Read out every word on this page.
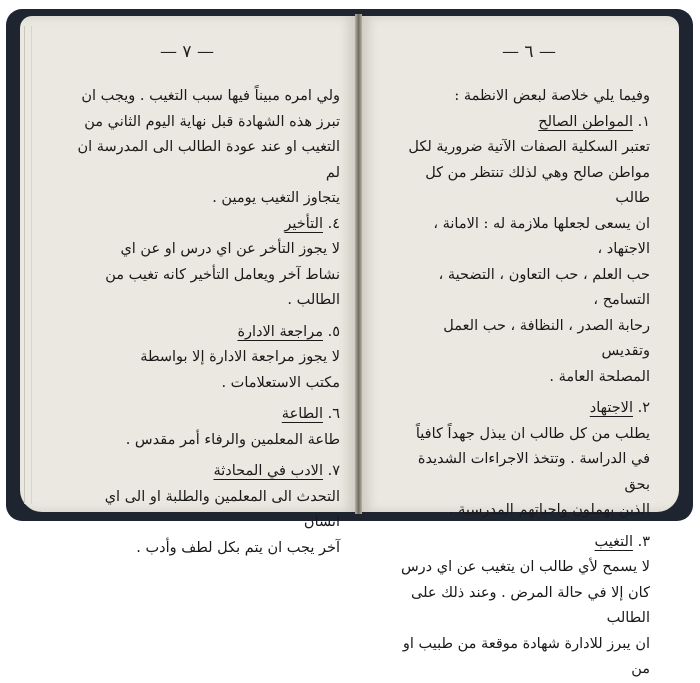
— ٧ —	— ٦ —

ولي امره مبيناً فيها سبب التغيب . ويجب ان

تبرز هذه الشهادة قبل نهاية اليوم الثاني من

التغيب او عند عودة الطالب الى المدرسة ان لم

يتجاوز التغيب يومين .

٤. التأخير

لا يجوز التأخر عن اي درس او عن اي

نشاط آخر ويعامل التأخير كانه تغيب من الطالب .

٥. مراجعة الادارة

لا يجوز مراجعة الادارة إلا بواسطة

مكتب الاستعلامات .

٦. الطاعة

طاعة المعلمين والرفاء أمر مقدس .

٧. الادب في المحادثة

التحدث الى المعلمين والطلبة او الى اي انسان

آخر يجب ان يتم بكل لطف وأدب .

وفيما يلي خلاصة لبعض الانظمة :

١. المواطن الصالح

تعتبر السكلية الصفات الآتية ضرورية لكل

مواطن صالح وهي لذلك تنتظر من كل طالب

ان يسعى لجعلها ملازمة له : الامانة ، الاجتهاد ،

حب العلم ، حب التعاون ، التضحية ، التسامح ،

رحابة الصدر ، النظافة ، حب العمل وتقديس

المصلحة العامة .

٢. الاجتهاد

يطلب من كل طالب ان يبذل جهداً كافياً

في الدراسة . وتتخذ الاجراءات الشديدة بحق

الذين يهملون واجباتهم المدرسية .

٣. التغيب

لا يسمح لأي طالب ان يتغيب عن اي درس

كان إلا في حالة المرض . وعند ذلك على الطالب

ان يبرز للادارة شهادة موقعة من طبيب او من
